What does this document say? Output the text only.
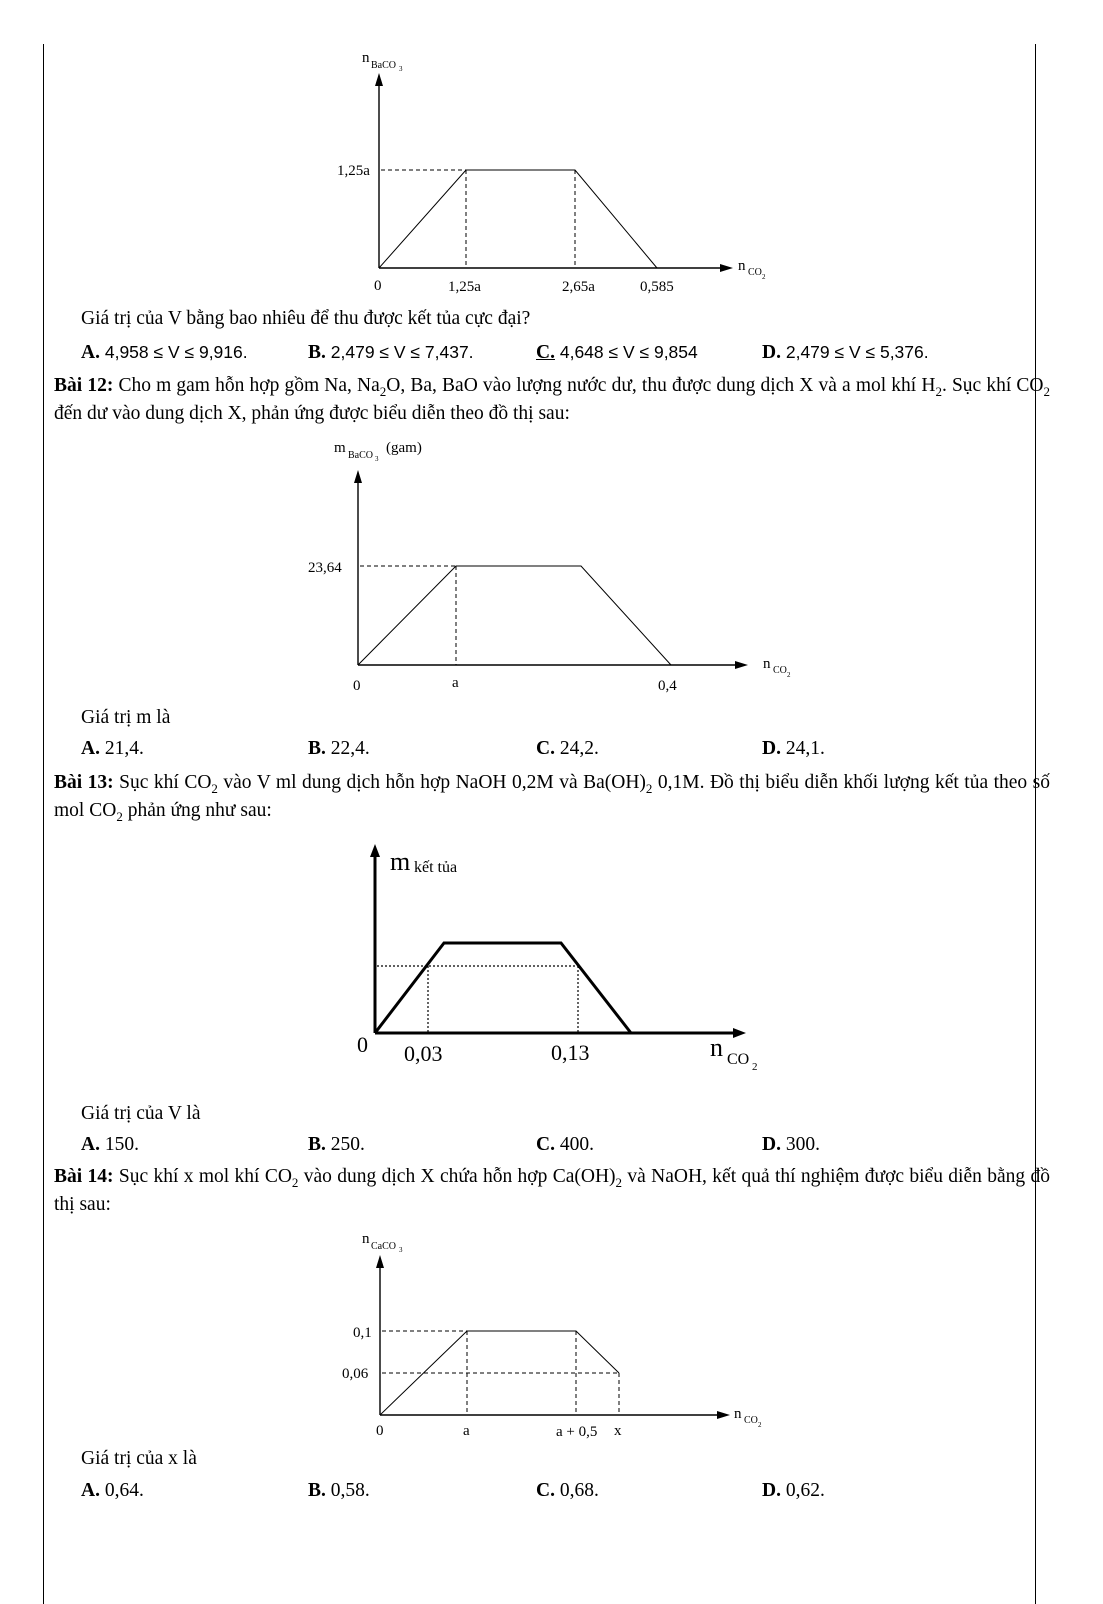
n BaCO 3
n CO 2
1,25a
0	1,25a	2,65a	0,585
Giá trị của V bằng bao nhiêu để thu được kết tủa cực đại?
A. 4,958 ≤ V ≤ 9,916.	B. 2,479 ≤ V ≤ 7,437.	C. 4,648 ≤ V ≤ 9,854	D. 2,479 ≤ V ≤ 5,376.
Bài 12: Cho m gam hỗn hợp gồm Na, $Na_2O$, Ba, BaO vào lượng nước dư, thu được dung dịch X và a mol khí $H_2$. Sục khí $CO_2$ đến dư vào dung dịch X, phản ứng được biểu diễn theo đồ thị sau:
m BaCO 3
(gam)
n CO 2
23,64
0	a	0,4
Giá trị m là
A. 21,4.	B. 22,4.	C. 24,2.	D. 24,1.
Bài 13: Sục khí $CO_2$ vào V ml dung dịch hỗn hợp NaOH 0,2M và $Ba(OH)_2$ 0,1M. Đồ thị biểu diễn khối lượng kết tủa theo số mol $CO_2$ phản ứng như sau:
m kết tủa
n CO 2
0 0,03	0,13
Giá trị của V là
A. 150.	B. 250.	C. 400.	D. 300.
Bài 14: Sục khí x mol khí $CO_2$ vào dung dịch X chứa hỗn hợp $Ca(OH)_2$ và NaOH, kết quả thí nghiệm được biểu diễn bằng đồ thị sau:
n CaCO 3
n CO 2
0,1
0,06
0	a	a + 0,5 x
Giá trị của x là
A. 0,64.	B. 0,58.	C. 0,68.	D. 0,62.
